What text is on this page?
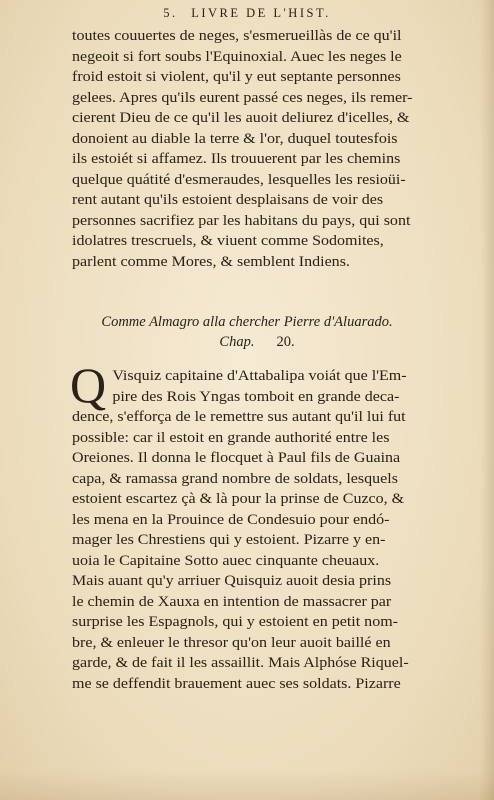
5. LIVRE DE L'HIST.
toutes couuertes de neges, s'esmerueillàs de ce qu'il
negeoit si fort soubs l'Equinoxial. Auec les neges le
froid estoit si violent, qu'il y eut septante personnes
gelees. Apres qu'ils eurent passé ces neges, ils remer-
cierent Dieu de ce qu'il les auoit deliurez d'icelles, &
donoient au diable la terre & l'or, duquel toutesfois
ils estoiét si affamez. Ils trouuerent par les chemins
quelque quátité d'esmeraudes, lesquelles les resioüi-
rent autant qu'ils estoient desplaisans de voir des
personnes sacrifiez par les habitans du pays, qui sont
idolatres trescruels, & viuent comme Sodomites,
parlent comme Mores, & semblent Indiens.
Comme Almagro alla chercher Pierre d'Aluarado.
Chap. 20.
Q Visquiz capitaine d'Attabalipa voiát que l'Em-
pire des Rois Yngas tomboit en grande deca-
dence, s'efforça de le remettre sus autant qu'il lui fut
possible: car il estoit en grande authorité entre les
Oreiones. Il donna le flocquet à Paul fils de Guaina
capa, & ramassa grand nombre de soldats, lesquels
estoient escartez çà & là pour la prinse de Cuzco, &
les mena en la Prouince de Condesuio pour endó-
mager les Chrestiens qui y estoient. Pizarre y en-
uoia le Capitaine Sotto auec cinquante cheuaux.
Mais auant qu'y arriuer Quisquiz auoit desia prins
le chemin de Xauxa en intention de massacrer par
surprise les Espagnols, qui y estoient en petit nom-
bre, & enleuer le thresor qu'on leur auoit baillé en
garde, & de fait il les assaillit. Mais Alphóse Riquel-
me se deffendit brauement auec ses soldats. Pizarre
